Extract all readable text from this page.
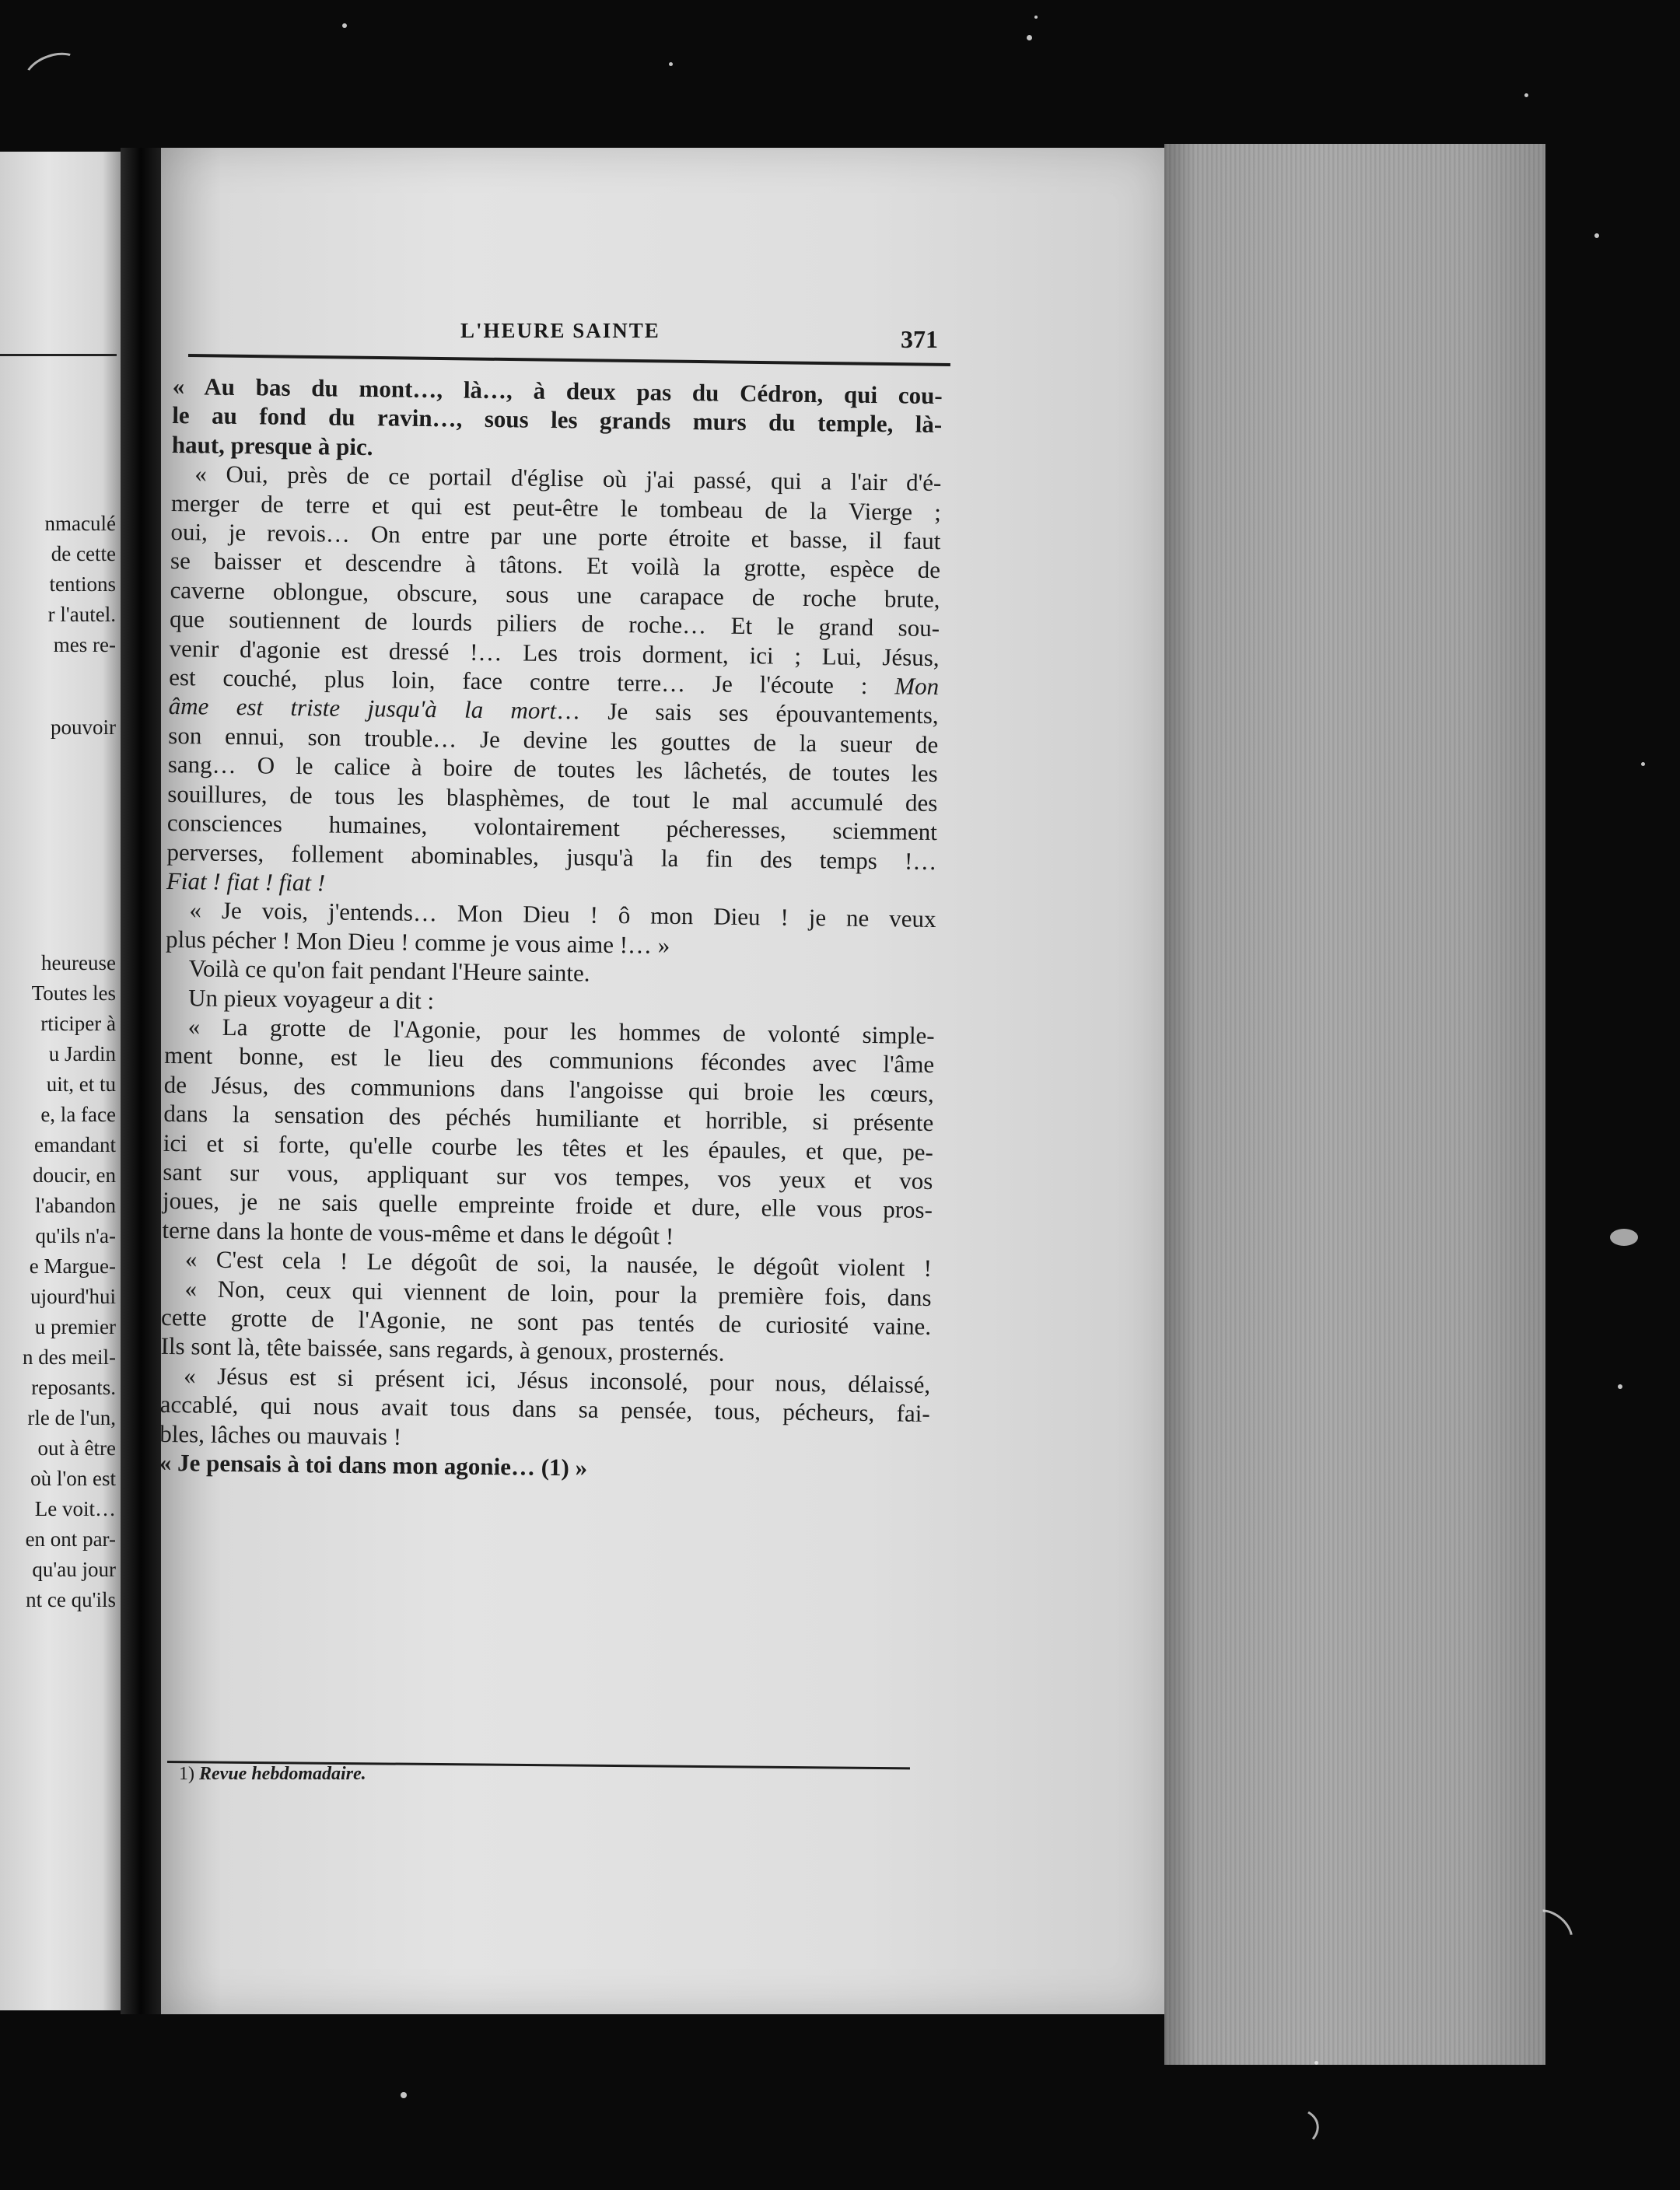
nmaculé
de cette
tentions
r l'autel.
mes re-
pouvoir
heureuse
Toutes les
rticiper à
u Jardin
uit, et tu
e, la face
emandant
doucir, en
l'abandon
qu'ils n'a-
e Margue-
ujourd'hui
u premier
n des meil-
reposants.
rle de l'un,
out à être
où l'on est
Le voit…
en ont par-
qu'au jour
nt ce qu'ils
L'HEURE SAINTE	371
« Au bas du mont…, là…, à deux pas du Cédron, qui cou-
le au fond du ravin…, sous les grands murs du temple, là-
haut, presque à pic.
« Oui, près de ce portail d'église où j'ai passé, qui a l'air d'é-
merger de terre et qui est peut-être le tombeau de la Vierge ;
oui, je revois… On entre par une porte étroite et basse, il faut
se baisser et descendre à tâtons. Et voilà la grotte, espèce de
caverne oblongue, obscure, sous une carapace de roche brute,
que soutiennent de lourds piliers de roche… Et le grand sou-
venir d'agonie est dressé !… Les trois dorment, ici ; Lui, Jésus,
est couché, plus loin, face contre terre… Je l'écoute : Mon
âme est triste jusqu'à la mort… Je sais ses épouvantements,
son ennui, son trouble… Je devine les gouttes de la sueur de
sang… O le calice à boire de toutes les lâchetés, de toutes les
souillures, de tous les blasphèmes, de tout le mal accumulé des
consciences humaines, volontairement pécheresses, sciemment
perverses, follement abominables, jusqu'à la fin des temps !…
Fiat ! fiat ! fiat !
« Je vois, j'entends… Mon Dieu ! ô mon Dieu ! je ne veux
plus pécher ! Mon Dieu ! comme je vous aime !… »
Voilà ce qu'on fait pendant l'Heure sainte.
Un pieux voyageur a dit :
« La grotte de l'Agonie, pour les hommes de volonté simple-
ment bonne, est le lieu des communions fécondes avec l'âme
de Jésus, des communions dans l'angoisse qui broie les cœurs,
dans la sensation des péchés humiliante et horrible, si présente
ici et si forte, qu'elle courbe les têtes et les épaules, et que, pe-
sant sur vous, appliquant sur vos tempes, vos yeux et vos
joues, je ne sais quelle empreinte froide et dure, elle vous pros-
terne dans la honte de vous-même et dans le dégoût !
« C'est cela ! Le dégoût de soi, la nausée, le dégoût violent !
« Non, ceux qui viennent de loin, pour la première fois, dans
cette grotte de l'Agonie, ne sont pas tentés de curiosité vaine.
Ils sont là, tête baissée, sans regards, à genoux, prosternés.
« Jésus est si présent ici, Jésus inconsolé, pour nous, délaissé,
accablé, qui nous avait tous dans sa pensée, tous, pécheurs, fai-
bles, lâches ou mauvais !
« Je pensais à toi dans mon agonie… (1) »
1) Revue hebdomadaire.
